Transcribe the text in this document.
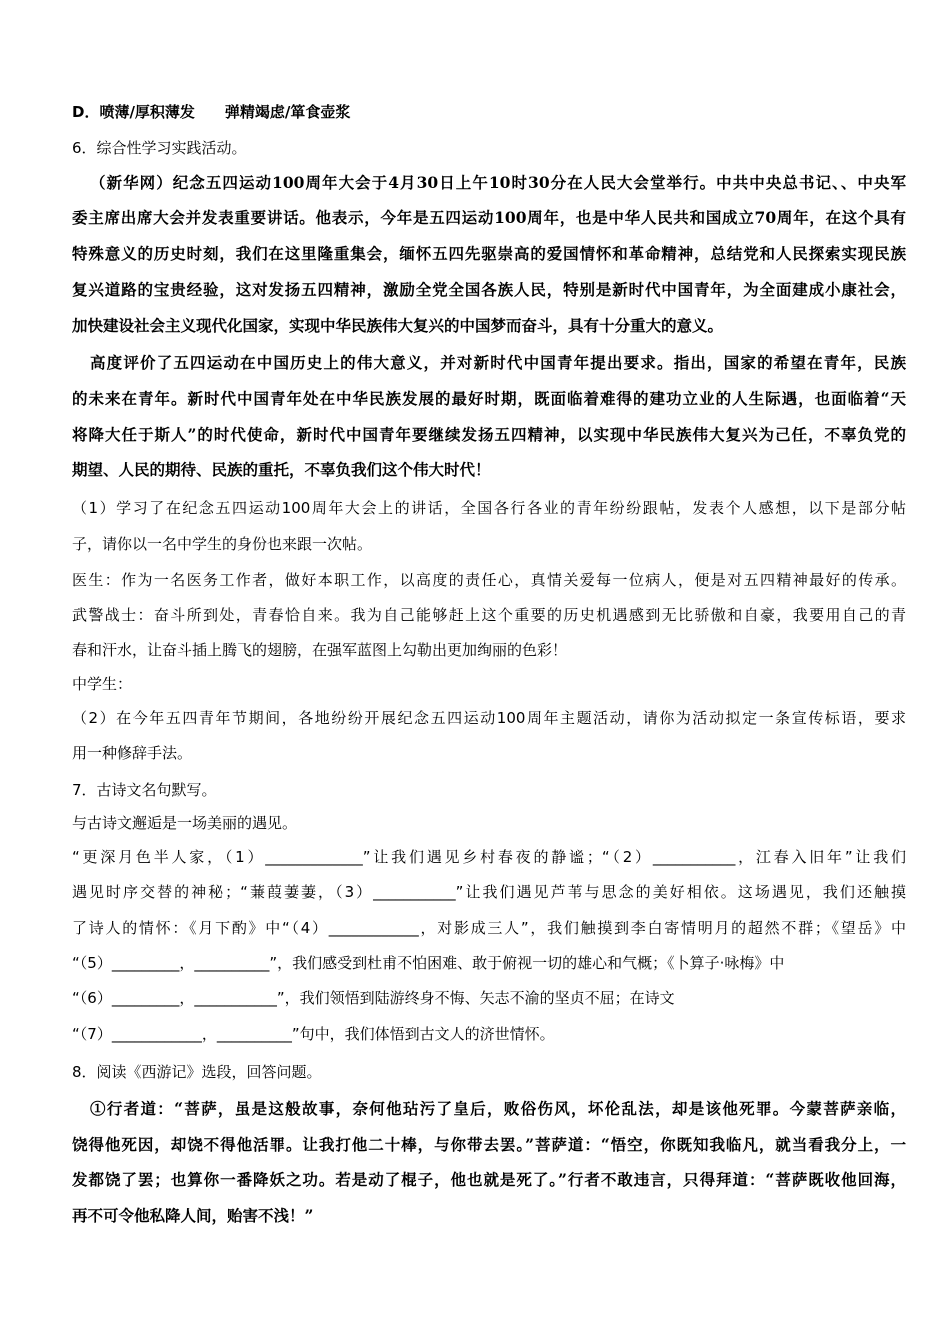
D．喷薄/厚积薄发　　弹精竭虑/箪食壶浆
6．综合性学习实践活动。
（新华网）纪念五四运动100周年大会于4月30日上午10时30分在人民大会堂举行。中共中央总书记、、中央军
委主席出席大会并发表重要讲话。他表示，今年是五四运动100周年，也是中华人民共和国成立70周年，在这个具有
特殊意义的历史时刻，我们在这里隆重集会，缅怀五四先驱崇高的爱国情怀和革命精神，总结党和人民探索实现民族
复兴道路的宝贵经验，这对发扬五四精神，激励全党全国各族人民，特别是新时代中国青年，为全面建成小康社会，
加快建设社会主义现代化国家，实现中华民族伟大复兴的中国梦而奋斗，具有十分重大的意义。
高度评价了五四运动在中国历史上的伟大意义，并对新时代中国青年提出要求。指出，国家的希望在青年，民族
的未来在青年。新时代中国青年处在中华民族发展的最好时期，既面临着难得的建功立业的人生际遇，也面临着“天
将降大任于斯人”的时代使命，新时代中国青年要继续发扬五四精神，以实现中华民族伟大复兴为己任，不辜负党的
期望、人民的期待、民族的重托，不辜负我们这个伟大时代！
（1）学习了在纪念五四运动100周年大会上的讲话，全国各行各业的青年纷纷跟帖，发表个人感想，以下是部分帖
子，请你以一名中学生的身份也来跟一次帖。
医生：作为一名医务工作者，做好本职工作，以高度的责任心，真情关爱每一位病人，便是对五四精神最好的传承。
武警战士：奋斗所到处，青春恰自来。我为自己能够赶上这个重要的历史机遇感到无比骄傲和自豪，我要用自己的青
春和汗水，让奋斗插上腾飞的翅膀，在强军蓝图上勾勒出更加绚丽的色彩！
中学生：
（2）在今年五四青年节期间，各地纷纷开展纪念五四运动100周年主题活动，请你为活动拟定一条宣传标语，要求
用一种修辞手法。
7．古诗文名句默写。
与古诗文邂逅是一场美丽的遇见。
“更深月色半人家，（1）_____________”让我们遇见乡村春夜的静谧；“（2）___________，江春入旧年”让我们
遇见时序交替的神秘；“蒹葭萋萋，（3）___________”让我们遇见芦苇与思念的美好相依。这场遇见，我们还触摸
了诗人的情怀：《月下酌》中“（4）____________，对影成三人”，我们触摸到李白寄情明月的超然不群；《望岳》中
“（5）_________，__________”，我们感受到杜甫不怕困难、敢于俯视一切的雄心和气概；《卜算子·咏梅》中
“（6）_________，___________”，我们领悟到陆游终身不悔、矢志不渝的坚贞不屈；在诗文
“（7）____________，__________”句中，我们体悟到古文人的济世情怀。
8．阅读《西游记》选段，回答问题。
①行者道：“菩萨，虽是这般故事，奈何他玷污了皇后，败俗伤风，坏伦乱法，却是该他死罪。今蒙菩萨亲临，
饶得他死因，却饶不得他活罪。让我打他二十棒，与你带去罢。”菩萨道：“悟空，你既知我临凡，就当看我分上，一
发都饶了罢；也算你一番降妖之功。若是动了棍子，他也就是死了。”行者不敢违言，只得拜道：“菩萨既收他回海，
再不可令他私降人间，贻害不浅！”
